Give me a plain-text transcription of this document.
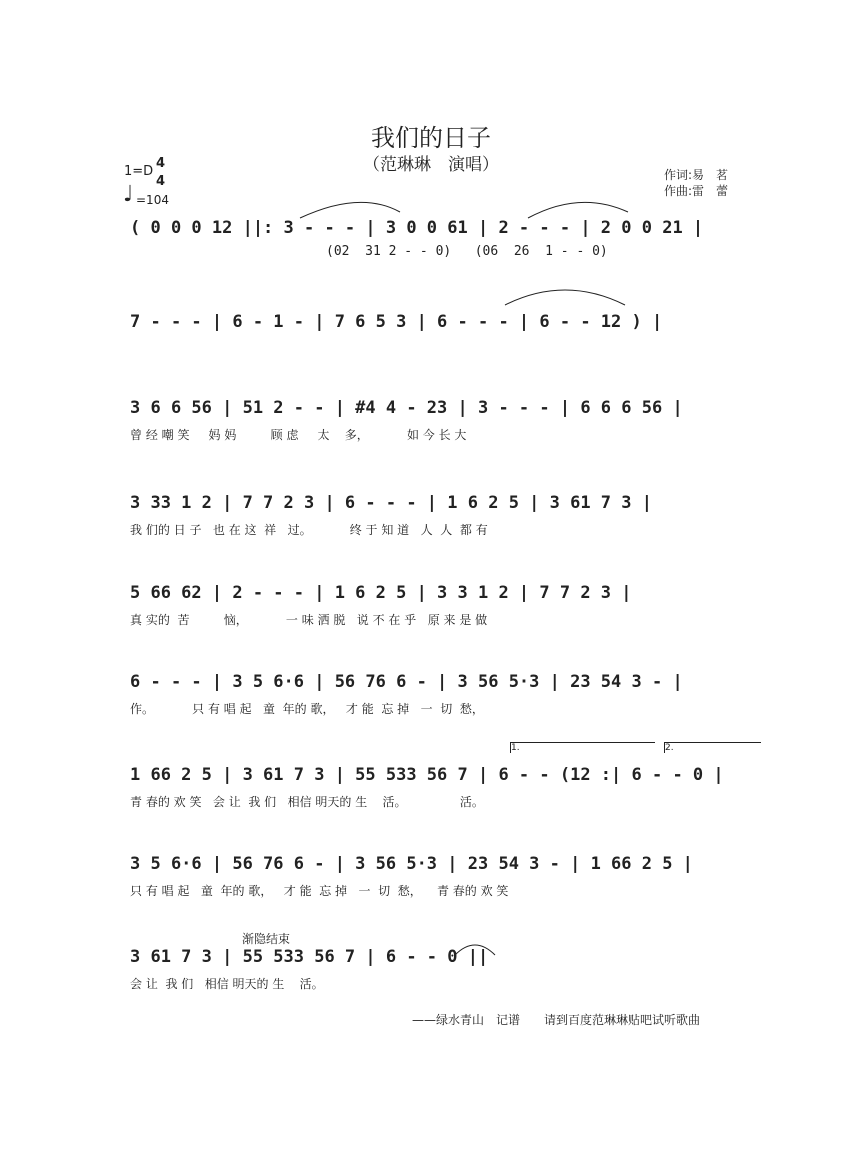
我们的日子
（范琳琳　演唱）	作词:易　茗
作曲:雷　蕾
1=D
4
4
♩ =104
1.	2.
渐隐结束
( 0 0 0 12 ||: 3 - - - | 3 0 0 61 | 2 - - - | 2 0 0 21 |
(02  31 2 - - 0)   (06  26  1 - - 0)
7 - - - | 6 - 1 - | 7 6 5 3 | 6 - - - | 6 - - 12 ) |
3 6 6 56 | 51 2 - - | #4 4 - 23 | 3 - - - | 6 6 6 56 |
曾 经 嘲 笑     妈 妈         顾 虑     太    多，          如 今 长 大
3 33 1 2 | 7 7 2 3 | 6 - - - | 1 6 2 5 | 3 61 7 3 |
我 们的 日 子   也 在 这  祥   过。          终 于 知 道   人  人  都 有
5 66 62 | 2 - - - | 1 6 2 5 | 3 3 1 2 | 7 7 2 3 |
真 实的  苦         恼，          一 味 洒 脱   说 不 在 乎   原 来 是 做
6 - - - | 3 5 6·6 | 56 76 6 - | 3 56 5·3 | 23 54 3 - |
作。          只 有 唱 起   童  年的 歌，   才 能  忘 掉   一  切  愁，
1 66 2 5 | 3 61 7 3 | 55 533 56 7 | 6 - - (12 :| 6 - - 0 |
青 春的 欢 笑   会 让  我 们   相信 明天的 生    活。              活。
3 5 6·6 | 56 76 6 - | 3 56 5·3 | 23 54 3 - | 1 66 2 5 |
只 有 唱 起   童  年的 歌，   才 能  忘 掉   一  切  愁，    青 春的 欢 笑
3 61 7 3 | 55 533 56 7 | 6 - - 0 ||
会 让  我 们   相信 明天的 生    活。
——绿水青山　记谱　　请到百度范琳琳贴吧试听歌曲
